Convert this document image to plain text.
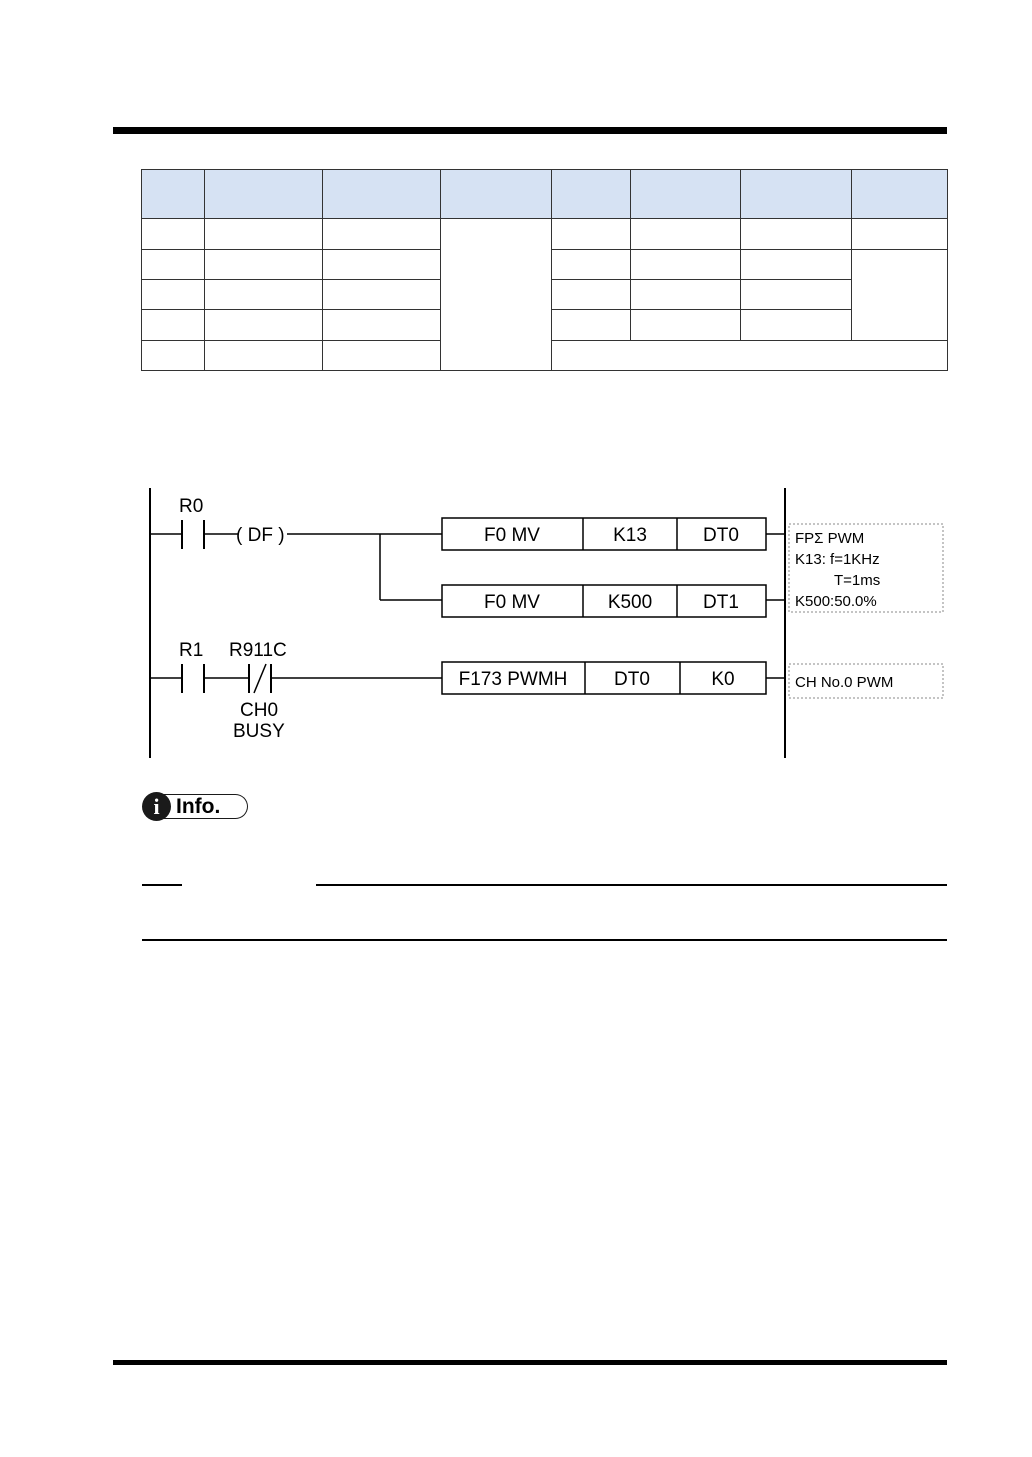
R0
( DF )	F0 MV	K13	DT0
F0 MV	K500	DT1
FPΣ PWM
K13: f=1KHz
T=1ms
K500:50.0%
R1 R911C
CH0
BUSY
F173 PWMH DT0	K0	CH No.0 PWM
i Info.
